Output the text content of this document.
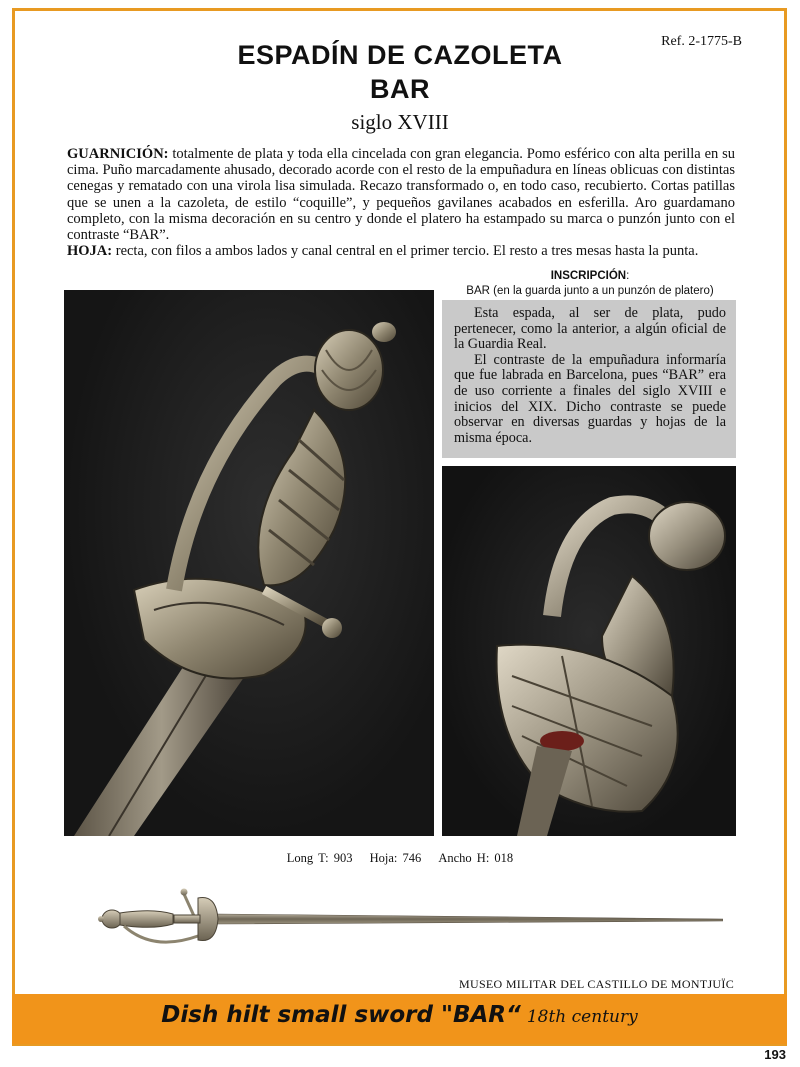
Ref. 2-1775-B
ESPADÍN DE CAZOLETA
BAR
siglo XVIII

GUARNICIÓN: totalmente de plata y toda ella cincelada con gran elegancia. Pomo esférico con alta perilla en su cima. Puño marcadamente ahusado, decorado acorde con el resto de la empuñadura en líneas oblicuas con distintas cenegas y rematado con una virola lisa simulada. Recazo transformado o, en todo caso, recubierto. Cortas patillas que se unen a la cazoleta, de estilo “coquille”, y pequeños gavilanes acabados en esferilla. Aro guardamano completo, con la misma decoración en su centro y donde el platero ha estampado su marca o punzón junto con el contraste “BAR”.

HOJA: recta, con filos a ambos lados y canal central en el primer tercio. El resto a tres mesas hasta la punta.

INSCRIPCIÓN:
BAR (en la guarda junto a un punzón de platero)

Esta espada, al ser de plata, pudo pertenecer, como la anterior, a algún oficial de la Guardia Real.

El contraste de la empuñadura informaría que fue labrada en Barcelona, pues “BAR” era de uso corriente a finales del siglo XVIII e inicios del XIX. Dicho contraste se puede observar en diversas guardas y hojas de la misma época.

Long T: 903 Hoja: 746 Ancho H: 018
MUSEO MILITAR DEL CASTILLO DE MONTJUÏC
Dish hilt small sword "BAR“ 18th century
193
